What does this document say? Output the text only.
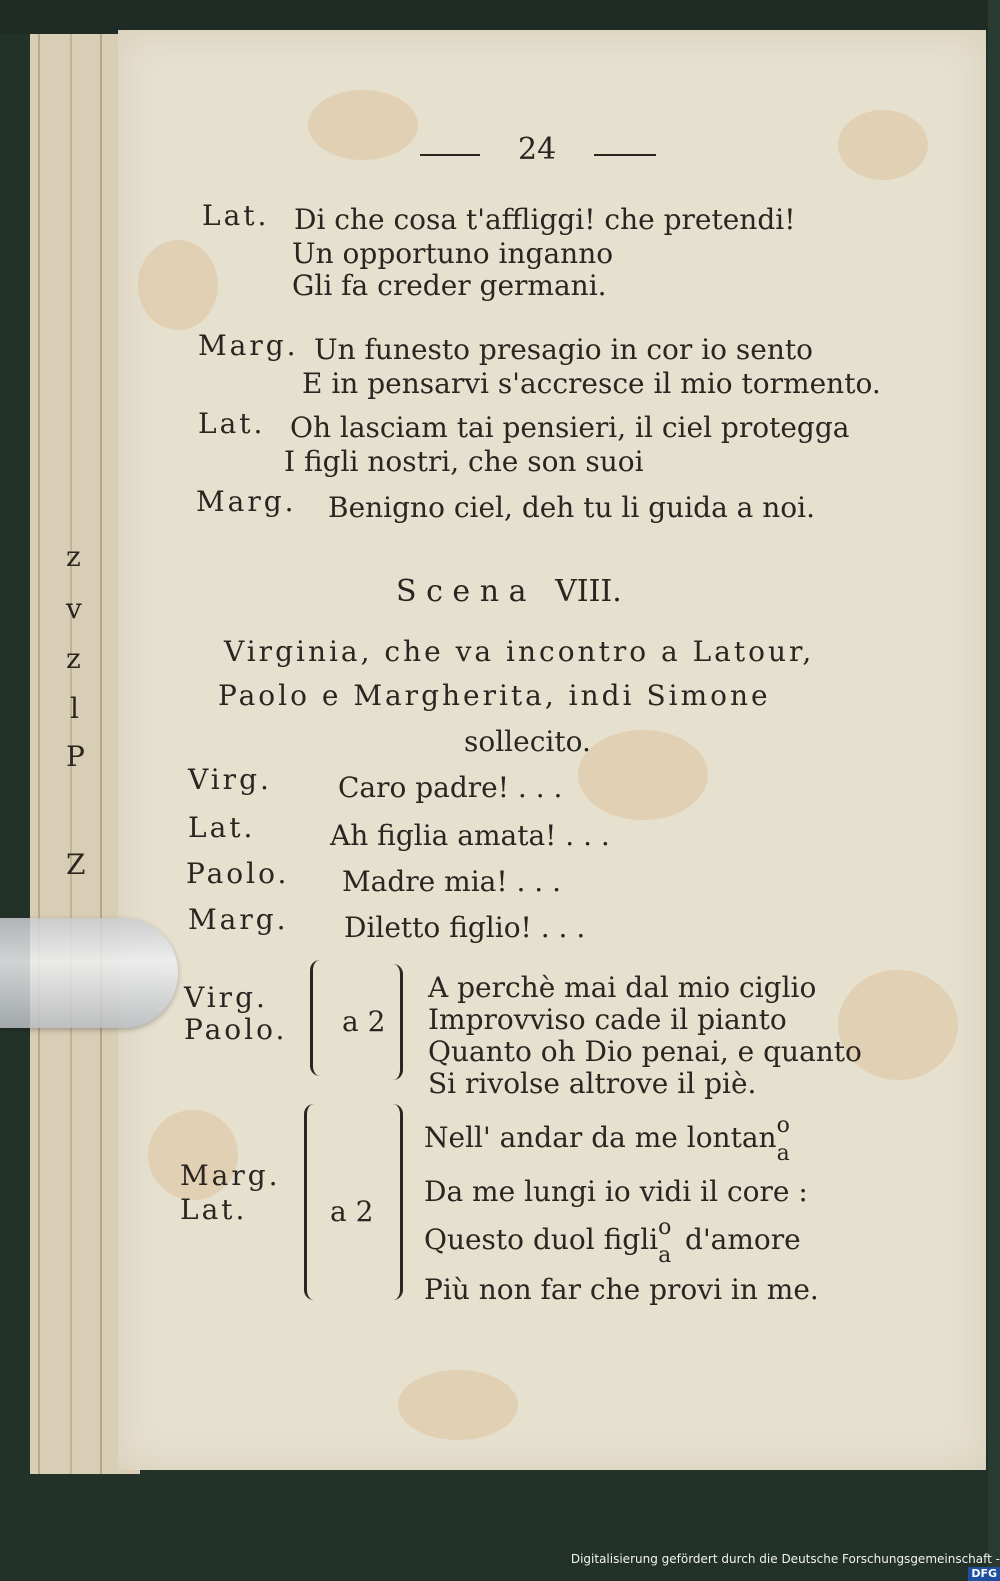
z
v
z
l
P
Z
24
Lat. Di che cosa t'affliggi! che pretendi!
Un opportuno inganno
Gli fa creder germani.
Marg. Un funesto presagio in cor io sento
E in pensarvi s'accresce il mio tormento.
Lat. Oh lasciam tai pensieri, il ciel protegga
I figli nostri, che son suoi
Marg. Benigno ciel, deh tu li guida a noi.
S c e n a   VIII.
Virginia, che va incontro a Latour,
Paolo e Margherita, indi Simone
sollecito.
Virg. Caro padre! . . .
Lat.	Ah figlia amata! . . .
Paolo. Madre mia! . . .
Marg. Diletto figlio! . . .
Virg.
Paolo. a 2
A perchè mai dal mio ciglio
Improvviso cade il pianto
Quanto oh Dio penai, e quanto
Si rivolse altrove il piè.
Marg.
Lat.	a 2
Nell' andar da me lontan o
a
Da me lungi io vidi il core :
Questo duol figli o
a d'amore
Più non far che provi in me.
Digitalisierung gefördert durch die Deutsche Forschungsgemeinschaft -DFG
